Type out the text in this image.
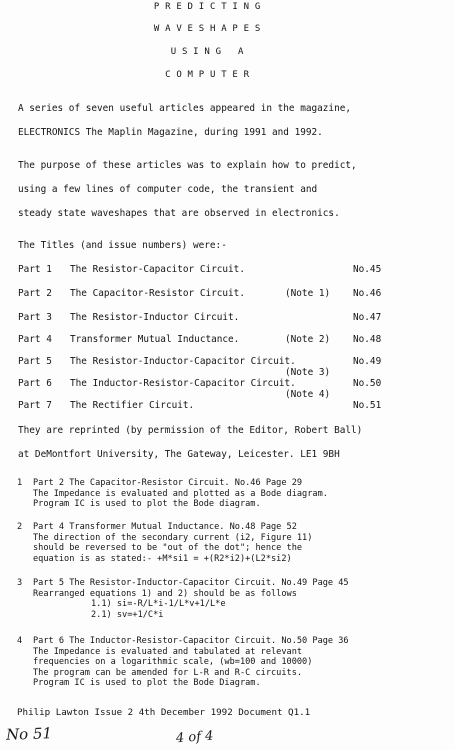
PREDICTING
WAVESHAPES
USING A
COMPUTER
A series of seven useful articles appeared in the magazine,
ELECTRONICS The Maplin Magazine, during 1991 and 1992.
The purpose of these articles was to explain how to predict,
using a few lines of computer code, the transient and
steady state waveshapes that are observed in electronics.
The Titles (and issue numbers) were:-
Part 1 The Resistor-Capacitor Circuit.	No.45
Part 2 The Capacitor-Resistor Circuit.	(Note 1) No.46
Part 3 The Resistor-Inductor Circuit.	No.47
Part 4 Transformer Mutual Inductance.	(Note 2) No.48
Part 5 The Resistor-Inductor-Capacitor Circuit.	No.49
(Note 3)
Part 6 The Inductor-Resistor-Capacitor Circuit.	No.50
(Note 4)
Part 7 The Rectifier Circuit.	No.51
They are reprinted (by permission of the Editor, Robert Ball)
at DeMontfort University, The Gateway, Leicester. LE1 9BH
1 Part 2 The Capacitor-Resistor Circuit. No.46 Page 29
The Impedance is evaluated and plotted as a Bode diagram.
Program IC is used to plot the Bode diagram.
2 Part 4 Transformer Mutual Inductance. No.48 Page 52
The direction of the secondary current (i2, Figure 11)
should be reversed to be "out of the dot"; hence the
equation is as stated:- +M*si1 = +(R2*i2)+(L2*si2)
3 Part 5 The Resistor-Inductor-Capacitor Circuit. No.49 Page 45
Rearranged equations 1) and 2) should be as follows
1.1) si=-R/L*i-1/L*v+1/L*e
2.1) sv=+1/C*i
4 Part 6 The Inductor-Resistor-Capacitor Circuit. No.50 Page 36
The Impedance is evaluated and tabulated at relevant
frequencies on a logarithmic scale, (wb=100 and 10000)
The program can be amended for L-R and R-C circuits.
Program IC is used to plot the Bode Diagram.
Philip Lawton Issue 2 4th December 1992 Document Q1.1
No 51	4 of 4
